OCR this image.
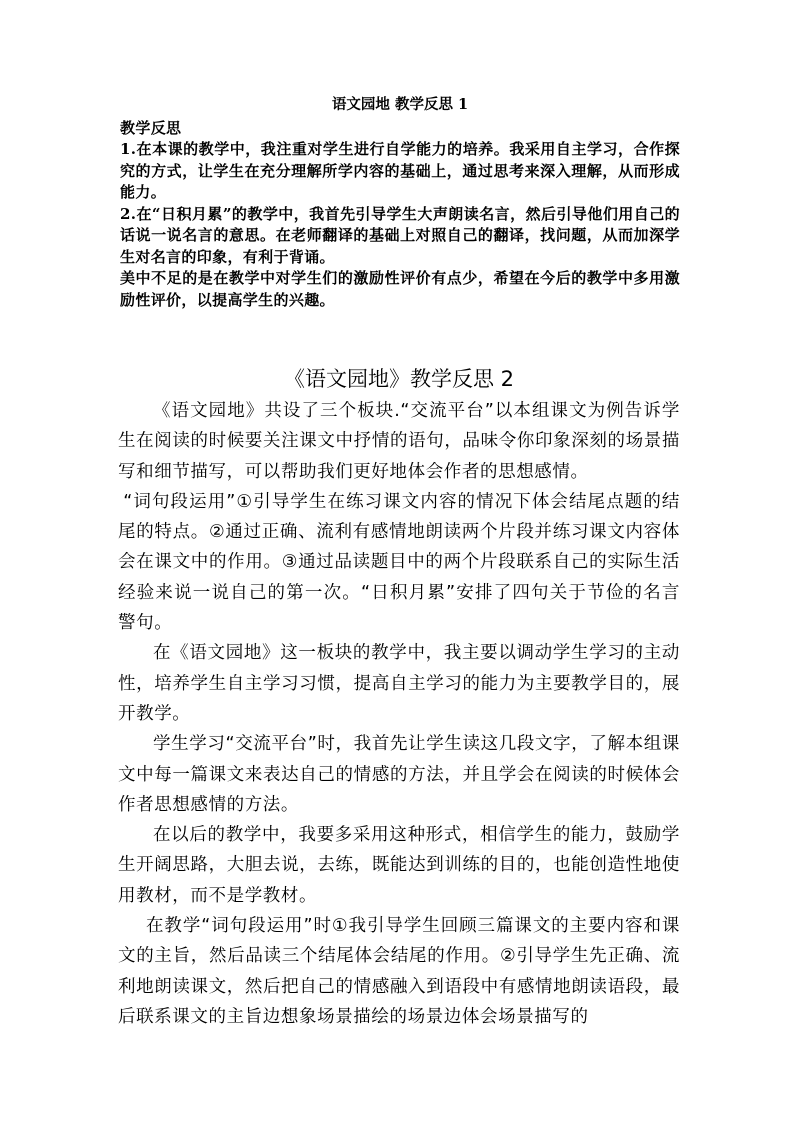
语文园地 教学反思 1

教学反思

1.在本课的教学中，我注重对学生进行自学能力的培养。我采用自主学习，合作探究的方式，让学生在充分理解所学内容的基础上，通过思考来深入理解，从而形成能力。

2.在“日积月累”的教学中，我首先引导学生大声朗读名言，然后引导他们用自己的话说一说名言的意思。在老师翻译的基础上对照自己的翻译，找问题，从而加深学生对名言的印象，有利于背诵。

美中不足的是在教学中对学生们的激励性评价有点少，希望在今后的教学中多用激励性评价，以提高学生的兴趣。

《语文园地》教学反思 2

《语文园地》共设了三个板块.“交流平台”以本组课文为例告诉学生在阅读的时候要关注课文中抒情的语句，品味令你印象深刻的场景描写和细节描写，可以帮助我们更好地体会作者的思想感情。

“词句段运用”①引导学生在练习课文内容的情况下体会结尾点题的结尾的特点。②通过正确、流利有感情地朗读两个片段并练习课文内容体会在课文中的作用。③通过品读题目中的两个片段联系自己的实际生活经验来说一说自己的第一次。“日积月累”安排了四句关于节俭的名言警句。

在《语文园地》这一板块的教学中，我主要以调动学生学习的主动性，培养学生自主学习习惯，提高自主学习的能力为主要教学目的，展开教学。

学生学习“交流平台”时，我首先让学生读这几段文字，了解本组课文中每一篇课文来表达自己的情感的方法，并且学会在阅读的时候体会作者思想感情的方法。

在以后的教学中，我要多采用这种形式，相信学生的能力，鼓励学生开阔思路，大胆去说，去练，既能达到训练的目的，也能创造性地使用教材，而不是学教材。

在教学“词句段运用”时①我引导学生回顾三篇课文的主要内容和课文的主旨，然后品读三个结尾体会结尾的作用。②引导学生先正确、流利地朗读课文，然后把自己的情感融入到语段中有感情地朗读语段，最后联系课文的主旨边想象场景描绘的场景边体会场景描写的
